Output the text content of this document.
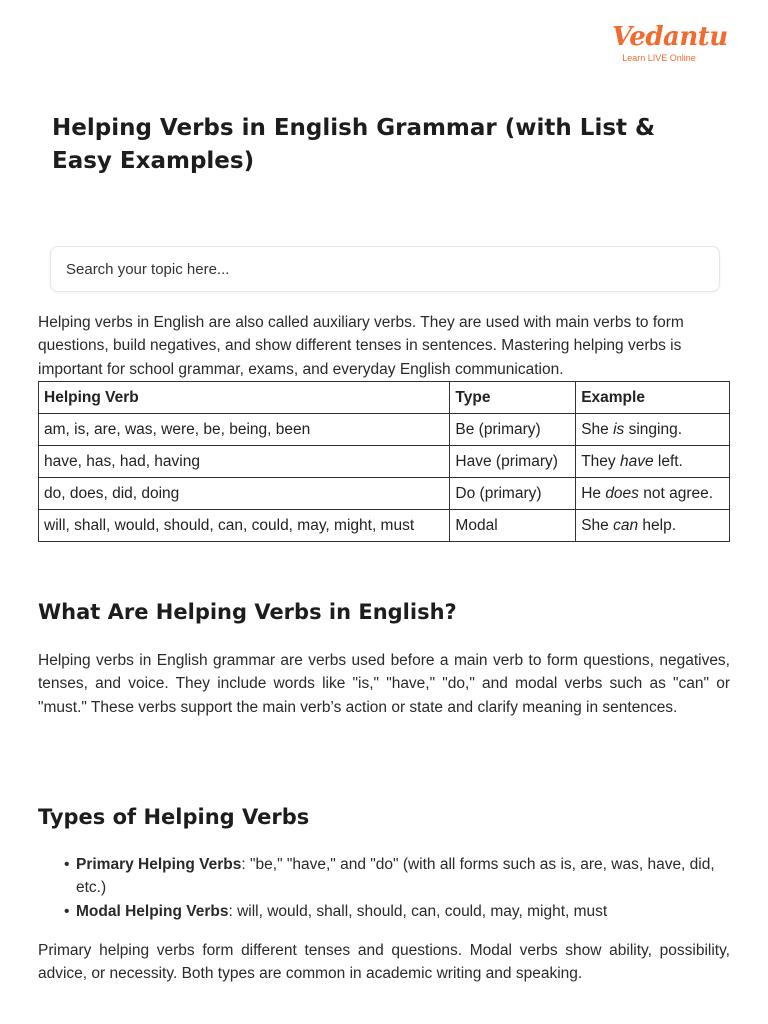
Vedantu
Learn LIVE Online
Helping Verbs in English Grammar (with List & Easy Examples)
Search your topic here...

Helping verbs in English are also called auxiliary verbs. They are used with main verbs to form questions, build negatives, and show different tenses in sentences. Mastering helping verbs is important for school grammar, exams, and everyday English communication.

Helping Verb	Type	Example
am, is, are, was, were, be, being, been	Be (primary)	She is singing.
have, has, had, having	Have (primary)	They have left.
do, does, did, doing	Do (primary)	He does not agree.
will, shall, would, should, can, could, may, might, must	Modal	She can help.
What Are Helping Verbs in English?

Helping verbs in English grammar are verbs used before a main verb to form questions, negatives, tenses, and voice. They include words like "is," "have," "do," and modal verbs such as "can" or "must." These verbs support the main verb’s action or state and clarify meaning in sentences.

Types of Helping Verbs
• Primary Helping Verbs: "be," "have," and "do" (with all forms such as is, are, was, have, did, etc.)
• Modal Helping Verbs: will, would, shall, should, can, could, may, might, must

Primary helping verbs form different tenses and questions. Modal verbs show ability, possibility, advice, or necessity. Both types are common in academic writing and speaking.
